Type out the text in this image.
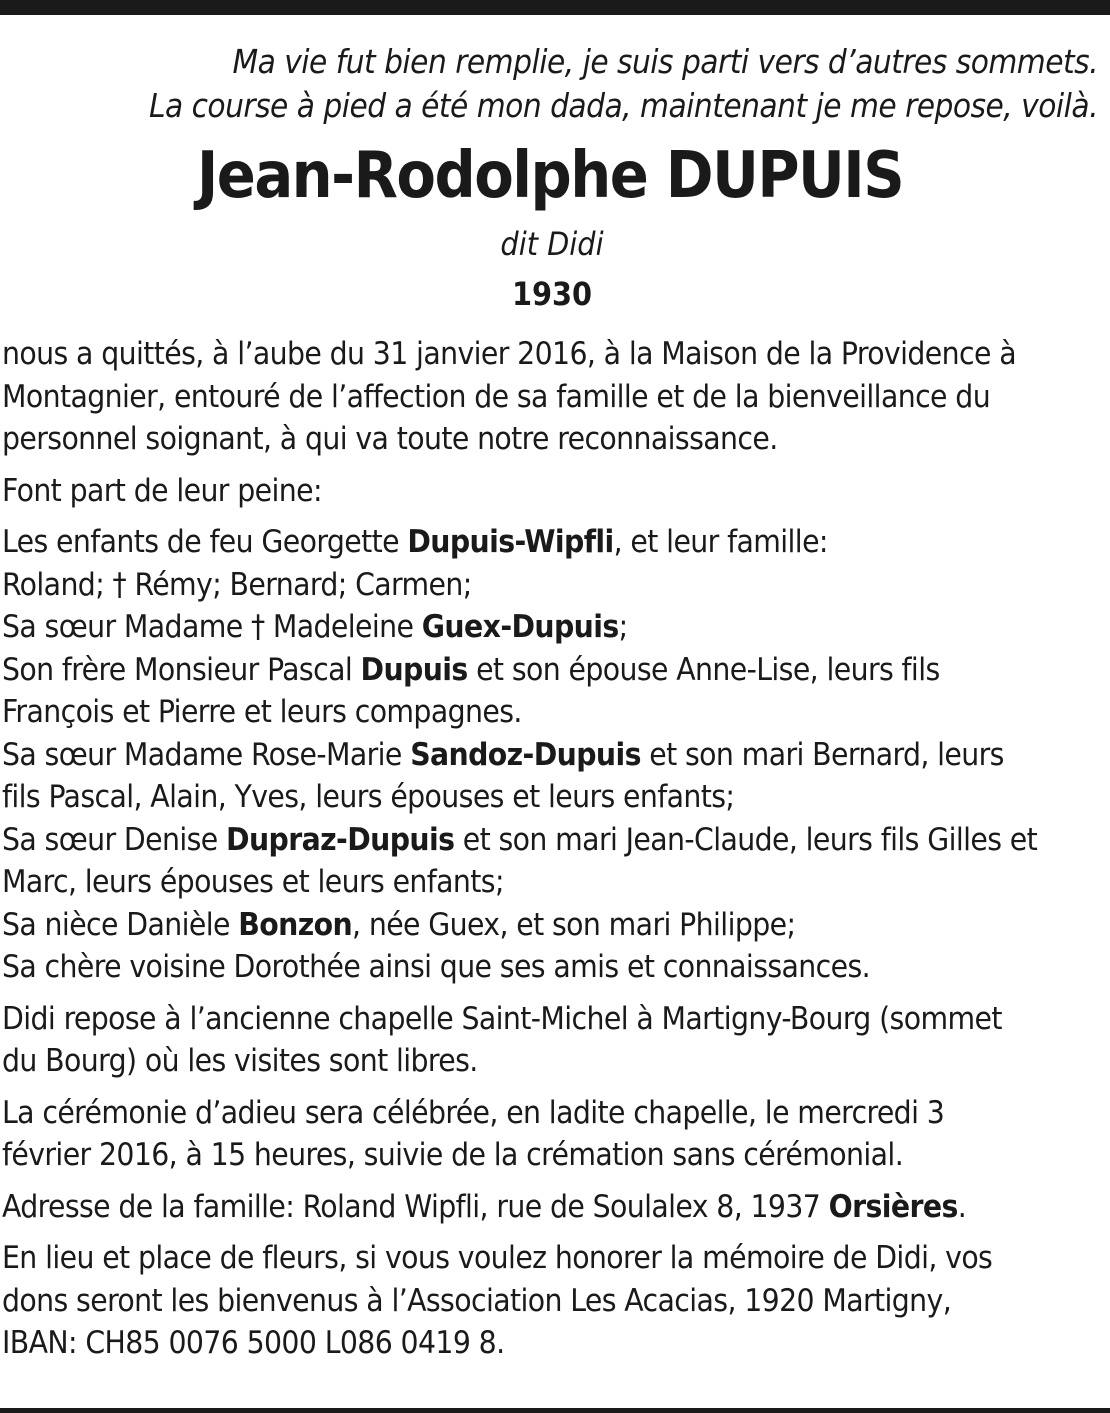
Ma vie fut bien remplie, je suis parti vers d’autres sommets.
La course à pied a été mon dada, maintenant je me repose, voilà.
Jean-Rodolphe DUPUIS
dit Didi
1930

nous a quittés, à l’aube du 31 janvier 2016, à la Maison de la Providence à
Montagnier, entouré de l’affection de sa famille et de la bienveillance du
personnel soignant, à qui va toute notre reconnaissance.

Font part de leur peine:

Les enfants de feu Georgette Dupuis-Wipfli, et leur famille:
Roland; † Rémy; Bernard; Carmen;
Sa sœur Madame † Madeleine Guex-Dupuis;
Son frère Monsieur Pascal Dupuis et son épouse Anne-Lise, leurs fils
François et Pierre et leurs compagnes.
Sa sœur Madame Rose-Marie Sandoz-Dupuis et son mari Bernard, leurs
fils Pascal, Alain, Yves, leurs épouses et leurs enfants;
Sa sœur Denise Dupraz-Dupuis et son mari Jean-Claude, leurs fils Gilles et
Marc, leurs épouses et leurs enfants;
Sa nièce Danièle Bonzon, née Guex, et son mari Philippe;
Sa chère voisine Dorothée ainsi que ses amis et connaissances.

Didi repose à l’ancienne chapelle Saint-Michel à Martigny-Bourg (sommet
du Bourg) où les visites sont libres.

La cérémonie d’adieu sera célébrée, en ladite chapelle, le mercredi 3
février 2016, à 15 heures, suivie de la crémation sans cérémonial.

Adresse de la famille: Roland Wipfli, rue de Soulalex 8, 1937 Orsières.

En lieu et place de fleurs, si vous voulez honorer la mémoire de Didi, vos
dons seront les bienvenus à l’Association Les Acacias, 1920 Martigny,
IBAN: CH85 0076 5000 L086 0419 8.
